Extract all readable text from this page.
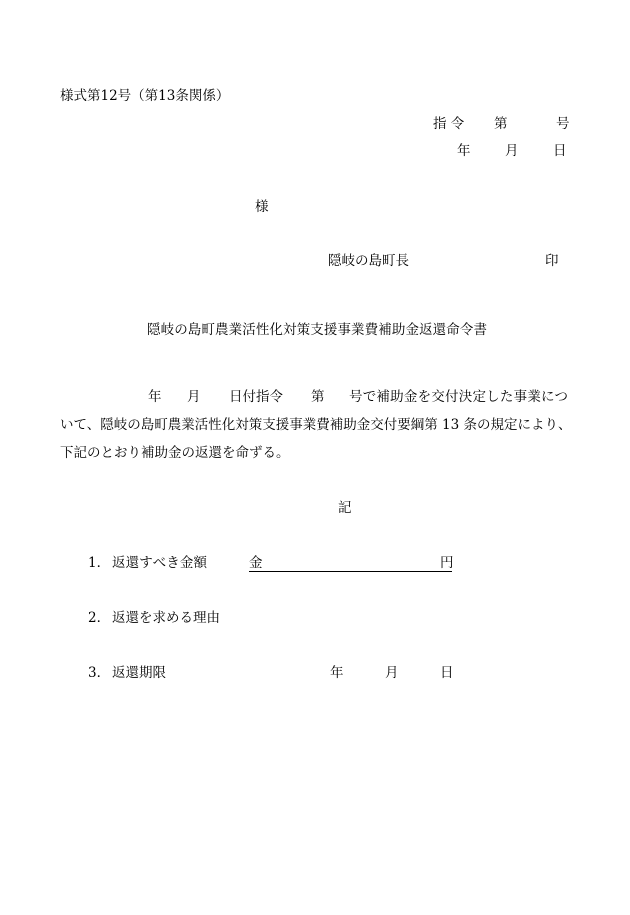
様式第12号（第13条関係）
指 令 第	号
年	月	日
様
隠岐の島町長	印
隠岐の島町農業活性化対策支援事業費補助金返還命令書
年 月 日付指令 第 号で補助金を交付決定した事業につ
いて、隠岐の島町農業活性化対策支援事業費補助金交付要綱第 13 条の規定により、
下記のとおり補助金の返還を命ずる。
記
1． 返還すべき金額	金	円
2． 返還を求める理由
3． 返還期限	年	月	日
